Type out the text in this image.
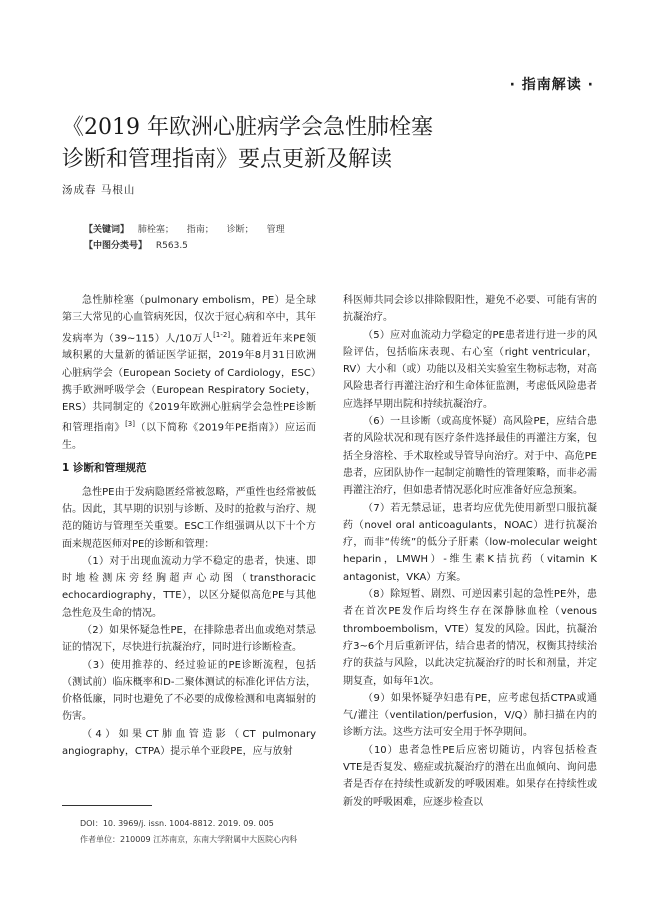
· 指南解读 ·
《2019 年欧洲心脏病学会急性肺栓塞
诊断和管理指南》要点更新及解读
汤成春 马根山
【关键词】 肺栓塞； 指南； 诊断； 管理
【中图分类号】 R563.5

急性肺栓塞（pulmonary embolism，PE）是全球第三大常见的心血管病死因，仅次于冠心病和卒中，其年发病率为（39~115）人/10万人[1-2]。随着近年来PE领域积累的大量新的循证医学证据，2019年8月31日欧洲心脏病学会（European Society of Cardiology，ESC）携手欧洲呼吸学会（European Respiratory Society，ERS）共同制定的《2019年欧洲心脏病学会急性PE诊断和管理指南》[3]（以下简称《2019年PE指南》）应运而生。

1 诊断和管理规范

急性PE由于发病隐匿经常被忽略，严重性也经常被低估。因此，其早期的识别与诊断、及时的抢救与治疗、规范的随访与管理至关重要。ESC工作组强调从以下十个方面来规范医师对PE的诊断和管理：

（1）对于出现血流动力学不稳定的患者，快速、即时地检测床旁经胸超声心动图（transthoracic echocardiography，TTE），以区分疑似高危PE与其他急性危及生命的情况。

（2）如果怀疑急性PE，在排除患者出血或绝对禁忌证的情况下，尽快进行抗凝治疗，同时进行诊断检查。

（3）使用推荐的、经过验证的PE诊断流程，包括（测试前）临床概率和D-二聚体测试的标准化评估方法，价格低廉，同时也避免了不必要的成像检测和电离辐射的伤害。

（4）如果CT肺血管造影（CT pulmonary angiography，CTPA）提示单个亚段PE，应与放射

科医师共同会诊以排除假阳性，避免不必要、可能有害的抗凝治疗。

（5）应对血流动力学稳定的PE患者进行进一步的风险评估，包括临床表现、右心室（right ventricular，RV）大小和（或）功能以及相关实验室生物标志物，对高风险患者行再灌注治疗和生命体征监测，考虑低风险患者应选择早期出院和持续抗凝治疗。

（6）一旦诊断（或高度怀疑）高风险PE，应结合患者的风险状况和现有医疗条件选择最佳的再灌注方案，包括全身溶栓、手术取栓或导管导向治疗。对于中、高危PE患者，应团队协作一起制定前瞻性的管理策略，而非必需再灌注治疗，但如患者情况恶化时应准备好应急预案。

（7）若无禁忌证，患者均应优先使用新型口服抗凝药（novel oral anticoagulants，NOAC）进行抗凝治疗，而非“传统”的低分子肝素（low-molecular weight heparin，LMWH）-维生素K拮抗药（vitamin K antagonist，VKA）方案。

（8）除短暂、剧烈、可逆因素引起的急性PE外，患者在首次PE发作后均终生存在深静脉血栓（venous thromboembolism，VTE）复发的风险。因此，抗凝治疗3~6个月后重新评估，结合患者的情况，权衡其持续治疗的获益与风险，以此决定抗凝治疗的时长和剂量，并定期复查，如每年1次。

（9）如果怀疑孕妇患有PE，应考虑包括CTPA或通气/灌注（ventilation/perfusion，V/Q）肺扫描在内的诊断方法。这些方法可安全用于怀孕期间。

（10）患者急性PE后应密切随访，内容包括检查VTE是否复发、癌症或抗凝治疗的潜在出血倾向、询问患者是否存在持续性或新发的呼吸困难。如果存在持续性或新发的呼吸困难，应逐步检查以

DOI：10. 3969/j. issn. 1004-8812. 2019. 09. 005
作者单位：210009 江苏南京，东南大学附属中大医院心内科
